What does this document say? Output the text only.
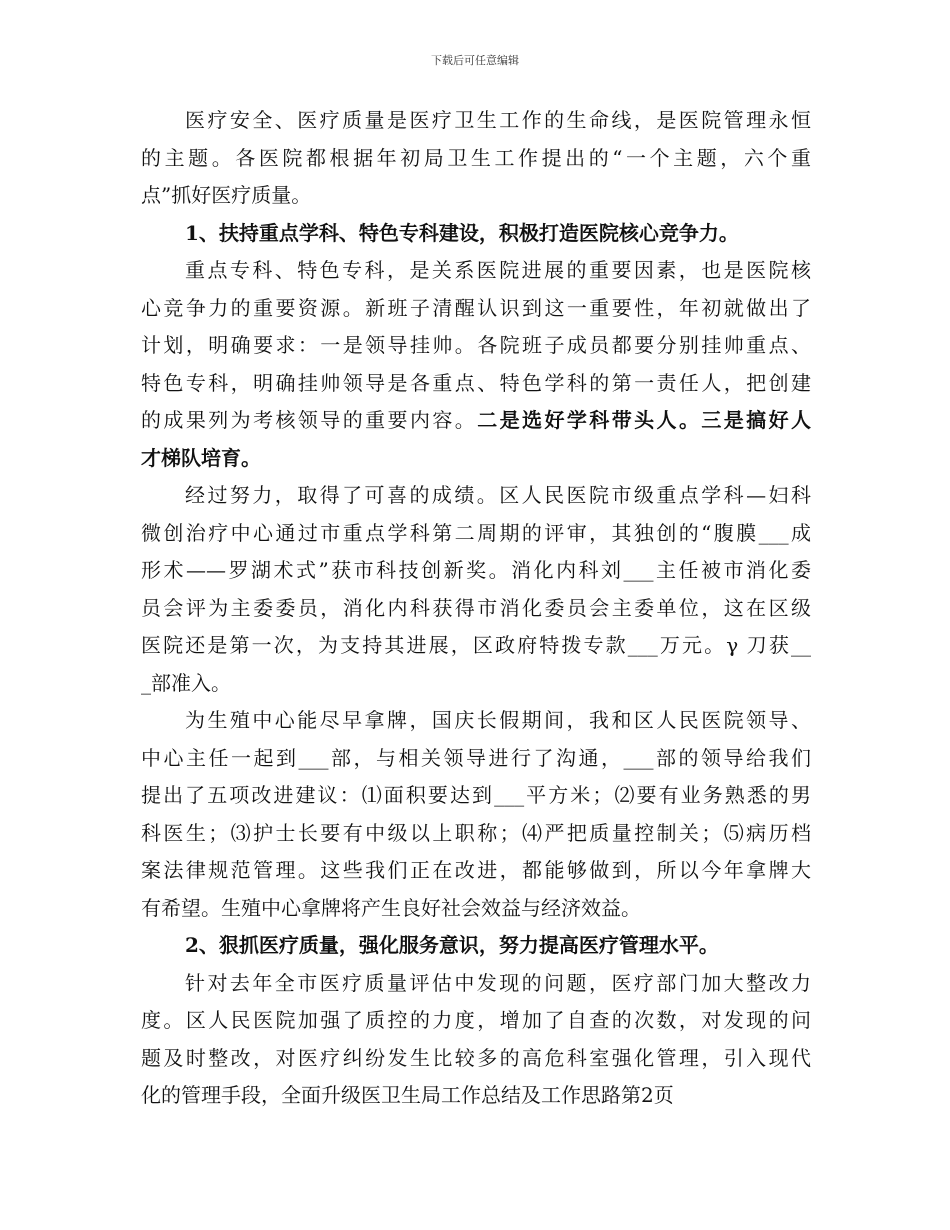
下载后可任意编辑
医疗安全、医疗质量是医疗卫生工作的生命线，是医院管理永恒
的主题。各医院都根据年初局卫生工作提出的“一个主题，六个重
点”抓好医疗质量。
1、扶持重点学科、特色专科建设，积极打造医院核心竞争力。
重点专科、特色专科，是关系医院进展的重要因素，也是医院核
心竞争力的重要资源。新班子清醒认识到这一重要性，年初就做出了
计划，明确要求：一是领导挂帅。各院班子成员都要分别挂帅重点、
特色专科，明确挂帅领导是各重点、特色学科的第一责任人，把创建
的成果列为考核领导的重要内容。二是选好学科带头人。三是搞好人
才梯队培育。
经过努力，取得了可喜的成绩。区人民医院市级重点学科—妇科
微创治疗中心通过市重点学科第二周期的评审，其独创的“腹膜___成
形术——罗湖术式”获市科技创新奖。消化内科刘___主任被市消化委
员会评为主委委员，消化内科获得市消化委员会主委单位，这在区级
医院还是第一次，为支持其进展，区政府特拨专款___万元。γ 刀获__
_部准入。
为生殖中心能尽早拿牌，国庆长假期间，我和区人民医院领导、
中心主任一起到___部，与相关领导进行了沟通，___部的领导给我们
提出了五项改进建议：⑴面积要达到___平方米；⑵要有业务熟悉的男
科医生；⑶护士长要有中级以上职称；⑷严把质量控制关；⑸病历档
案法律规范管理。这些我们正在改进，都能够做到，所以今年拿牌大
有希望。生殖中心拿牌将产生良好社会效益与经济效益。
2、狠抓医疗质量，强化服务意识，努力提高医疗管理水平。
针对去年全市医疗质量评估中发现的问题，医疗部门加大整改力
度。区人民医院加强了质控的力度，增加了自查的次数，对发现的问
题及时整改，对医疗纠纷发生比较多的高危科室强化管理，引入现代
化的管理手段，全面升级医卫生局工作总结及工作思路第2页
